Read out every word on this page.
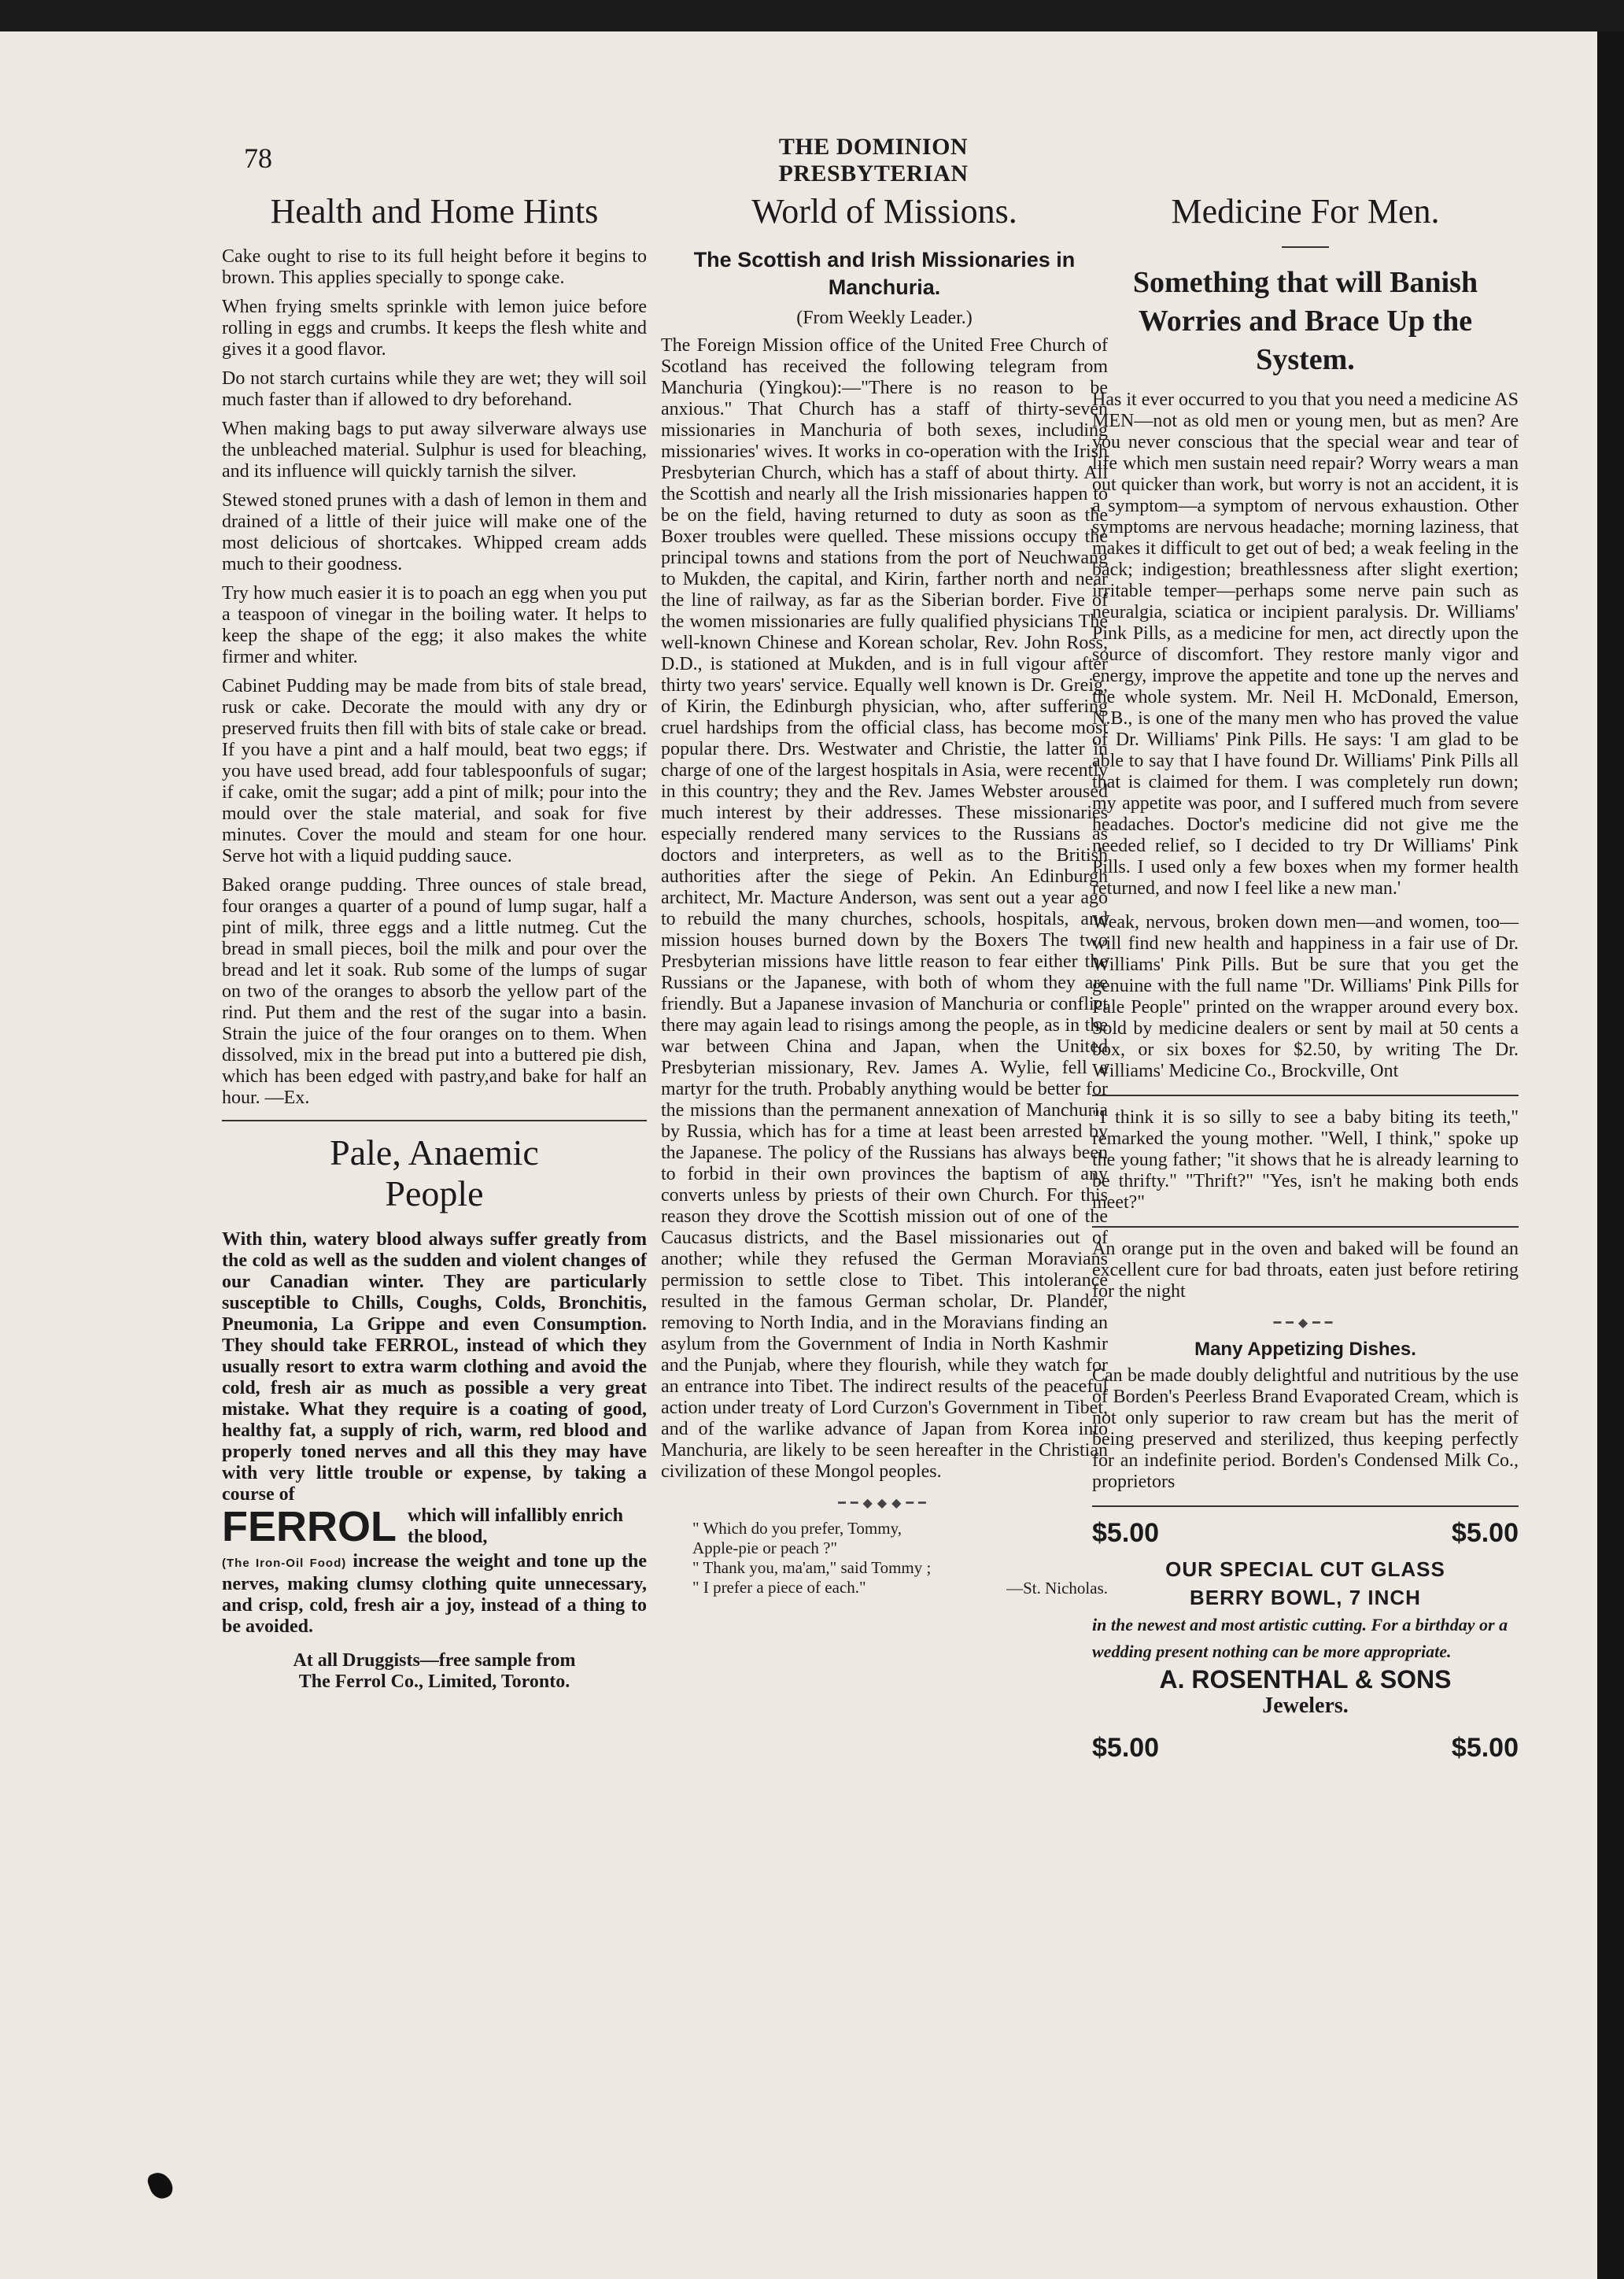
78	THE DOMINION PRESBYTERIAN
Health and Home Hints

Cake ought to rise to its full height before it begins to brown. This applies specially to sponge cake.

When frying smelts sprinkle with lemon juice before rolling in eggs and crumbs. It keeps the flesh white and gives it a good flavor.

Do not starch curtains while they are wet; they will soil much faster than if allowed to dry beforehand.

When making bags to put away silverware always use the unbleached material. Sulphur is used for bleaching, and its influence will quickly tarnish the silver.

Stewed stoned prunes with a dash of lemon in them and drained of a little of their juice will make one of the most delicious of shortcakes. Whipped cream adds much to their goodness.

Try how much easier it is to poach an egg when you put a teaspoon of vinegar in the boiling water. It helps to keep the shape of the egg; it also makes the white firmer and whiter.

Cabinet Pudding may be made from bits of stale bread, rusk or cake. Decorate the mould with any dry or preserved fruits then fill with bits of stale cake or bread. If you have a pint and a half mould, beat two eggs; if you have used bread, add four tablespoonfuls of sugar; if cake, omit the sugar; add a pint of milk; pour into the mould over the stale material, and soak for five minutes. Cover the mould and steam for one hour. Serve hot with a liquid pudding sauce.

Baked orange pudding. Three ounces of stale bread, four oranges a quarter of a pound of lump sugar, half a pint of milk, three eggs and a little nutmeg. Cut the bread in small pieces, boil the milk and pour over the bread and let it soak. Rub some of the lumps of sugar on two of the oranges to absorb the yellow part of the rind. Put them and the rest of the sugar into a basin. Strain the juice of the four oranges on to them. When dissolved, mix in the bread put into a buttered pie dish, which has been edged with pastry,and bake for half an hour. —Ex.

Pale, Anaemic
People

With thin, watery blood always suffer greatly from the cold as well as the sudden and violent changes of our Canadian winter. They are particularly susceptible to Chills, Coughs, Colds, Bronchitis, Pneumonia, La Grippe and even Consumption. They should take FERROL, instead of which they usually resort to extra warm clothing and avoid the cold, fresh air as much as possible a very great mistake. What they require is a coating of good, healthy fat, a supply of rich, warm, red blood and properly toned nerves and all this they may have with very little trouble or expense, by taking a course of

FERROL which will infallibly enrich the blood,

(The Iron-Oil Food) increase the weight and tone up the nerves, making clumsy clothing quite unnecessary, and crisp, cold, fresh air a joy, instead of a thing to be avoided.

At all Druggists—free sample from
The Ferrol Co., Limited, Toronto.
World of Missions.
The Scottish and Irish Missionaries in Manchuria.
(From Weekly Leader.)

The Foreign Mission office of the United Free Church of Scotland has received the following telegram from Manchuria (Yingkou):—"There is no reason to be anxious." That Church has a staff of thirty-seven missionaries in Manchuria of both sexes, including missionaries' wives. It works in co-operation with the Irish Presbyterian Church, which has a staff of about thirty. All the Scottish and nearly all the Irish missionaries happen to be on the field, having returned to duty as soon as the Boxer troubles were quelled. These missions occupy the principal towns and stations from the port of Neuchwang to Mukden, the capital, and Kirin, farther north and near the line of railway, as far as the Siberian border. Five of the women missionaries are fully qualified physicians The well-known Chinese and Korean scholar, Rev. John Ross, D.D., is stationed at Mukden, and is in full vigour after thirty two years' service. Equally well known is Dr. Greig, of Kirin, the Edinburgh physician, who, after suffering cruel hardships from the official class, has become most popular there. Drs. Westwater and Christie, the latter in charge of one of the largest hospitals in Asia, were recently in this country; they and the Rev. James Webster aroused much interest by their addresses. These missionaries especially rendered many services to the Russians as doctors and interpreters, as well as to the British authorities after the siege of Pekin. An Edinburgh architect, Mr. Macture Anderson, was sent out a year ago to rebuild the many churches, schools, hospitals, and mission houses burned down by the Boxers The two Presbyterian missions have little reason to fear either the Russians or the Japanese, with both of whom they are friendly. But a Japanese invasion of Manchuria or conflict there may again lead to risings among the people, as in the war between China and Japan, when the United Presbyterian missionary, Rev. James A. Wylie, fell a martyr for the truth. Probably anything would be better for the missions than the permanent annexation of Manchuria by Russia, which has for a time at least been arrested by the Japanese. The policy of the Russians has always been to forbid in their own provinces the baptism of any converts unless by priests of their own Church. For this reason they drove the Scottish mission out of one of the Caucasus districts, and the Basel missionaries out of another; while they refused the German Moravians permission to settle close to Tibet. This intolerance resulted in the famous German scholar, Dr. Plander, removing to North India, and in the Moravians finding an asylum from the Government of India in North Kashmir and the Punjab, where they flourish, while they watch for an entrance into Tibet. The indirect results of the peaceful action under treaty of Lord Curzon's Government in Tibet, and of the warlike advance of Japan from Korea into Manchuria, are likely to be seen hereafter in the Christian civilization of these Mongol peoples.

━━◆◆◆━━
" Which do you prefer, Tommy,
Apple-pie or peach ?"
" Thank you, ma'am," said Tommy ;
" I prefer a piece of each."	—St. Nicholas.
Medicine For Men.
Something that will Banish Worries and Brace Up the System.

Has it ever occurred to you that you need a medicine AS MEN—not as old men or young men, but as men? Are you never conscious that the special wear and tear of life which men sustain need repair? Worry wears a man out quicker than work, but worry is not an accident, it is a symptom—a symptom of nervous exhaustion. Other symptoms are nervous headache; morning laziness, that makes it difficult to get out of bed; a weak feeling in the back; indigestion; breathlessness after slight exertion; irritable temper—perhaps some nerve pain such as neuralgia, sciatica or incipient paralysis. Dr. Williams' Pink Pills, as a medicine for men, act directly upon the source of discomfort. They restore manly vigor and energy, improve the appetite and tone up the nerves and the whole system. Mr. Neil H. McDonald, Emerson, N.B., is one of the many men who has proved the value of Dr. Williams' Pink Pills. He says: 'I am glad to be able to say that I have found Dr. Williams' Pink Pills all that is claimed for them. I was completely run down; my appetite was poor, and I suffered much from severe headaches. Doctor's medicine did not give me the needed relief, so I decided to try Dr Williams' Pink Pills. I used only a few boxes when my former health returned, and now I feel like a new man.'

Weak, nervous, broken down men—and women, too—will find new health and happiness in a fair use of Dr. Williams' Pink Pills. But be sure that you get the genuine with the full name "Dr. Williams' Pink Pills for Pale People" printed on the wrapper around every box. Sold by medicine dealers or sent by mail at 50 cents a box, or six boxes for $2.50, by writing The Dr. Williams' Medicine Co., Brockville, Ont

"I think it is so silly to see a baby biting its teeth," remarked the young mother. "Well, I think," spoke up the young father; "it shows that he is already learning to be thrifty." "Thrift?" "Yes, isn't he making both ends meet?"

An orange put in the oven and baked will be found an excellent cure for bad throats, eaten just before retiring for the night

━━◆━━
Many Appetizing Dishes.

Can be made doubly delightful and nutritious by the use of Borden's Peerless Brand Evaporated Cream, which is not only superior to raw cream but has the merit of being preserved and sterilized, thus keeping perfectly for an indefinite period. Borden's Condensed Milk Co., proprietors

$5.00	$5.00
OUR SPECIAL CUT GLASS
BERRY BOWL, 7 INCH
in the newest and most artistic cutting. For a birthday or a wedding present nothing can be more appropriate.
A. ROSENTHAL & SONS
Jewelers.
$5.00	$5.00
